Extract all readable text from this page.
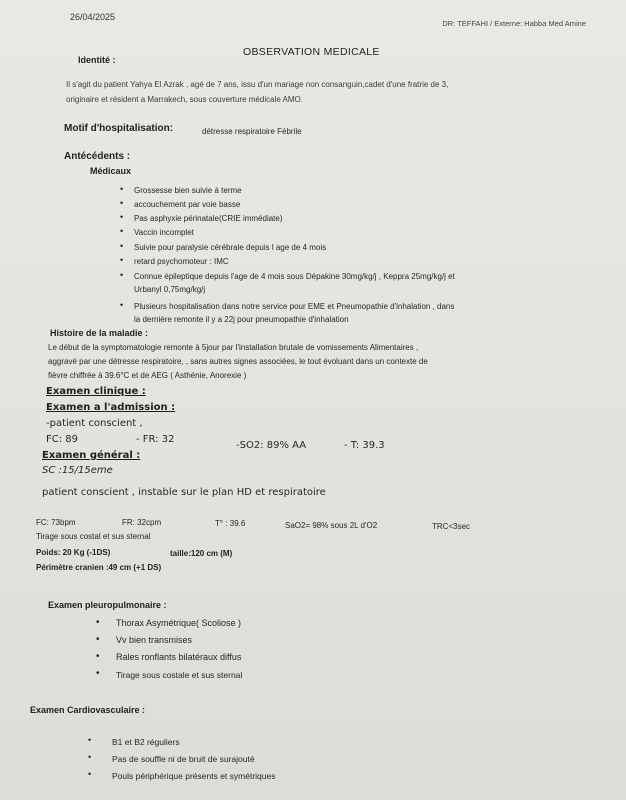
26/04/2025
DR: TEFFAHI / Externe: Habba Med Amine
OBSERVATION MEDICALE
Identité :
Il s'agit du patient Yahya El Azrak , agé de 7 ans, issu d'un mariage non consanguin,cadet d'une fratrie de 3,
originaire et résident a Marrakech, sous couverture médicale AMO.
Motif d'hospitalisation:	détresse respiratoire Fébrile
Antécédents :
Médicaux
• Grossesse bien suivie à terme
• accouchement par voie basse
• Pas asphyxie périnatale(CRIE immédiate)
• Vaccin incomplet
• Suivie pour paralysie cérébrale depuis l age de 4 mois
• retard psychomoteur : IMC
• Connue épileptique depuis l'age de 4 mois sous Dépakine 30mg/kg/j , Keppra 25mg/kg/j et
Urbanyl 0,75mg/kg/j
• Plusieurs hospitalisation dans notre service pour EME et Pneumopathie d'inhalation , dans
la dernière remonte il y a 22j pour pneumopathie d'inhalation
Histoire de la maladie :
Le début de la symptomatologie remonte à 5jour par l'installation brutale de vomissements Alimentaires ,
aggravé par une détresse respiratoire, , sans autres signes associées, le tout évoluant dans un contexte de
fièvre chiffrée à 39.6°C et de AEG ( Asthénie, Anorexie )
Examen clinique :
Examen a l'admission :
-patient conscient ,
FC: 89	- FR: 32
-SO2: 89% AA	- T: 39.3
Examen général :
SC :15/15eme
patient conscient , instable sur le plan HD et respiratoire
FC: 73bpm	FR: 32cpm	T° : 39.6	SaO2= 98% sous 2L d'O2	TRC<3sec
Tirage sous costal et sus sternal
Poids: 20 Kg (-1DS)	taille:120 cm (M)
Périmètre cranien :49 cm (+1 DS)
Examen pleuropulmonaire :
• Thorax Asymétrique( Scoliose )
• Vv bien transmises
• Rales ronflants bilatéraux diffus
• Tirage sous costale et sus sternal
Examen Cardiovasculaire :
• B1 et B2 réguliers
• Pas de souffle ni de bruit de surajouté
• Pouls périphérique présents et symétriques
